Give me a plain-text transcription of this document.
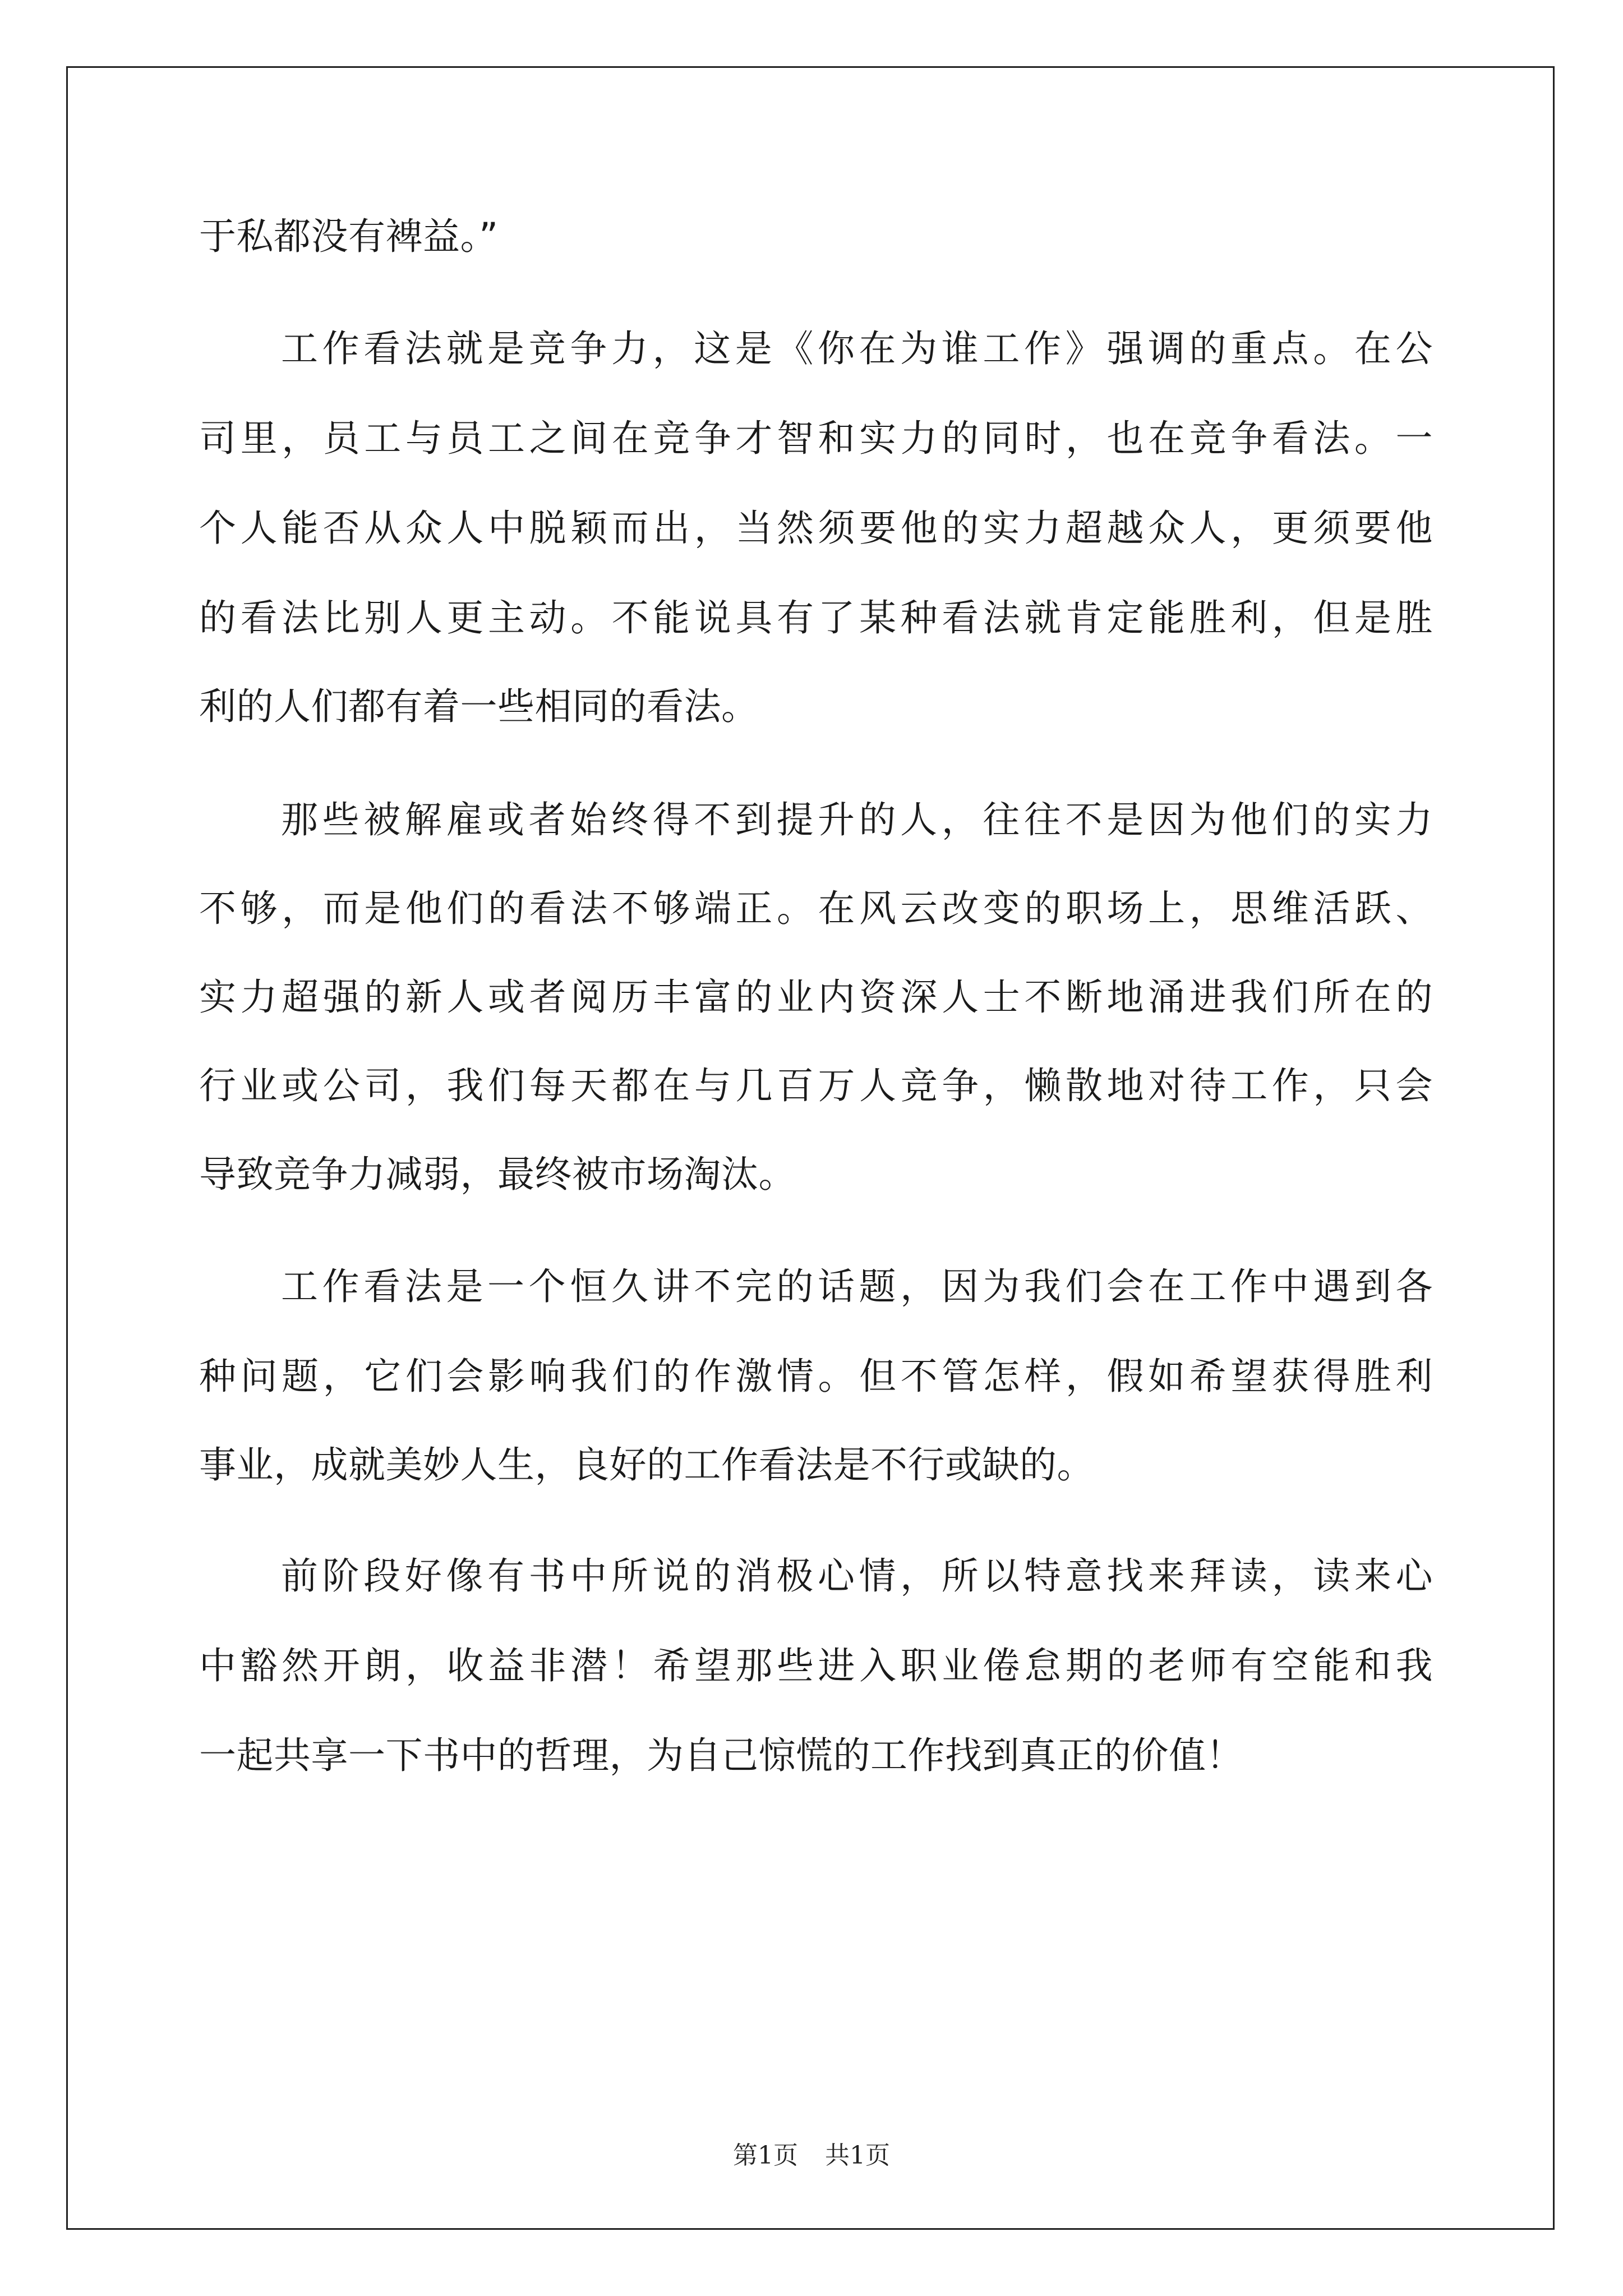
于私都没有裨益。”
工作看法就是竞争力，这是《你在为谁工作》强调的重点。在公
司里，员工与员工之间在竞争才智和实力的同时，也在竞争看法。一
个人能否从众人中脱颖而出，当然须要他的实力超越众人，更须要他
的看法比别人更主动。不能说具有了某种看法就肯定能胜利，但是胜
利的人们都有着一些相同的看法。
那些被解雇或者始终得不到提升的人，往往不是因为他们的实力
不够，而是他们的看法不够端正。在风云改变的职场上，思维活跃、
实力超强的新人或者阅历丰富的业内资深人士不断地涌进我们所在的
行业或公司，我们每天都在与几百万人竞争，懒散地对待工作，只会
导致竞争力减弱，最终被市场淘汰。
工作看法是一个恒久讲不完的话题，因为我们会在工作中遇到各
种问题，它们会影响我们的作激情。但不管怎样，假如希望获得胜利
事业，成就美妙人生，良好的工作看法是不行或缺的。
前阶段好像有书中所说的消极心情，所以特意找来拜读，读来心
中豁然开朗，收益非潜！希望那些进入职业倦怠期的老师有空能和我
一起共享一下书中的哲理，为自己惊慌的工作找到真正的价值！
第1页 共1页
